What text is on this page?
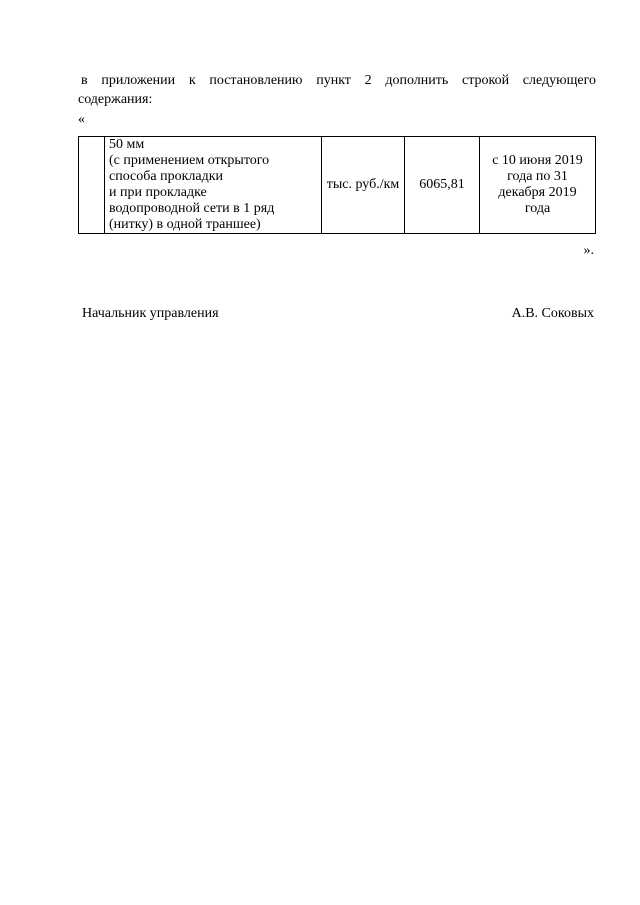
в приложении к постановлению пункт 2 дополнить строкой следующего
содержания:
«

50 мм
(с применением открытого
способа прокладки
и при прокладке
водопроводной сети в 1 ряд
(нитку) в одной траншее)
	тыс. руб./км	6065,81	с 10 июня 2019 года по 31 декабря 2019 года
».
Начальник управления	А.В. Соковых
